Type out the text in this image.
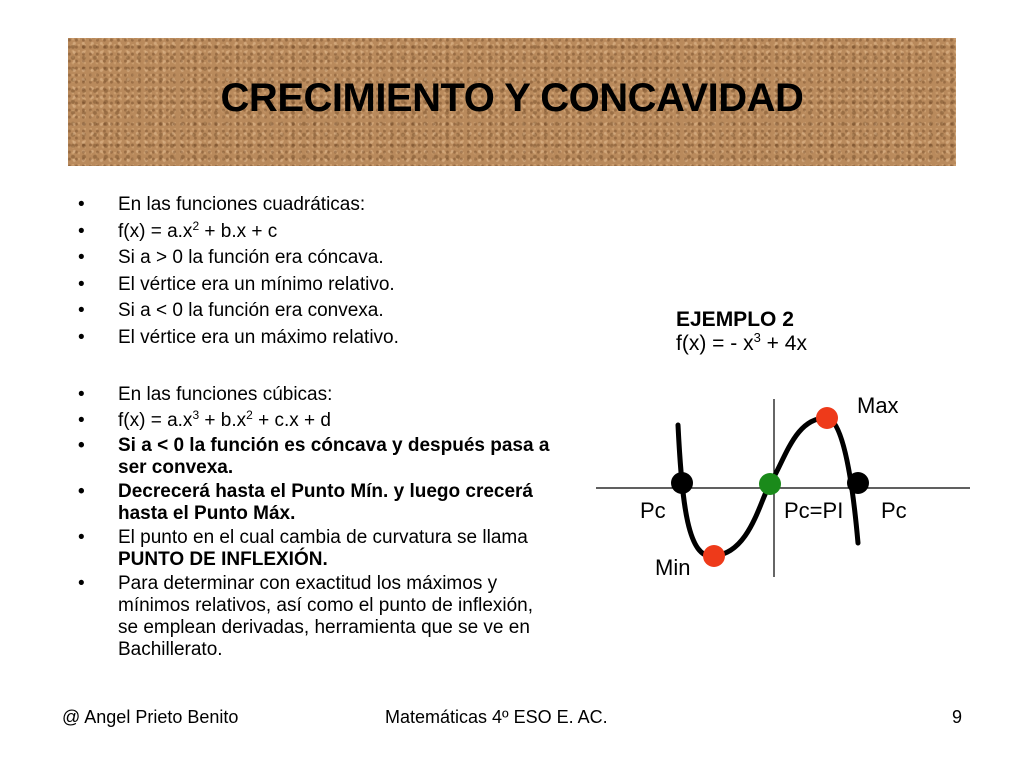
CRECIMIENTO Y CONCAVIDAD
• En las funciones cuadráticas:
• $f(x) = a.x^2 + b.x + c$
• Si a > 0 la función era cóncava.
• El vértice era un mínimo relativo.
• Si a < 0 la función era convexa.
• El vértice era un máximo relativo.
• En las funciones cúbicas:
• $f(x) = a.x^3 + b.x^2 + c.x + d$
• Si a < 0 la función es cóncava y después pasa a ser convexa.
• Decrecerá hasta el Punto Mín. y luego crecerá hasta el Punto Máx.
• El punto en el cual cambia de curvatura se llama PUNTO DE INFLEXIÓN.
• Para determinar con exactitud los máximos y mínimos relativos, así como el punto de inflexión, se emplean derivadas, herramienta que se ve en Bachillerato.
EJEMPLO 2
f(x) = - $x^3 + 4x$
Max
Min
Pc	Pc=PI Pc
@ Angel Prieto Benito	Matemáticas 4º ESO E. AC.	9
